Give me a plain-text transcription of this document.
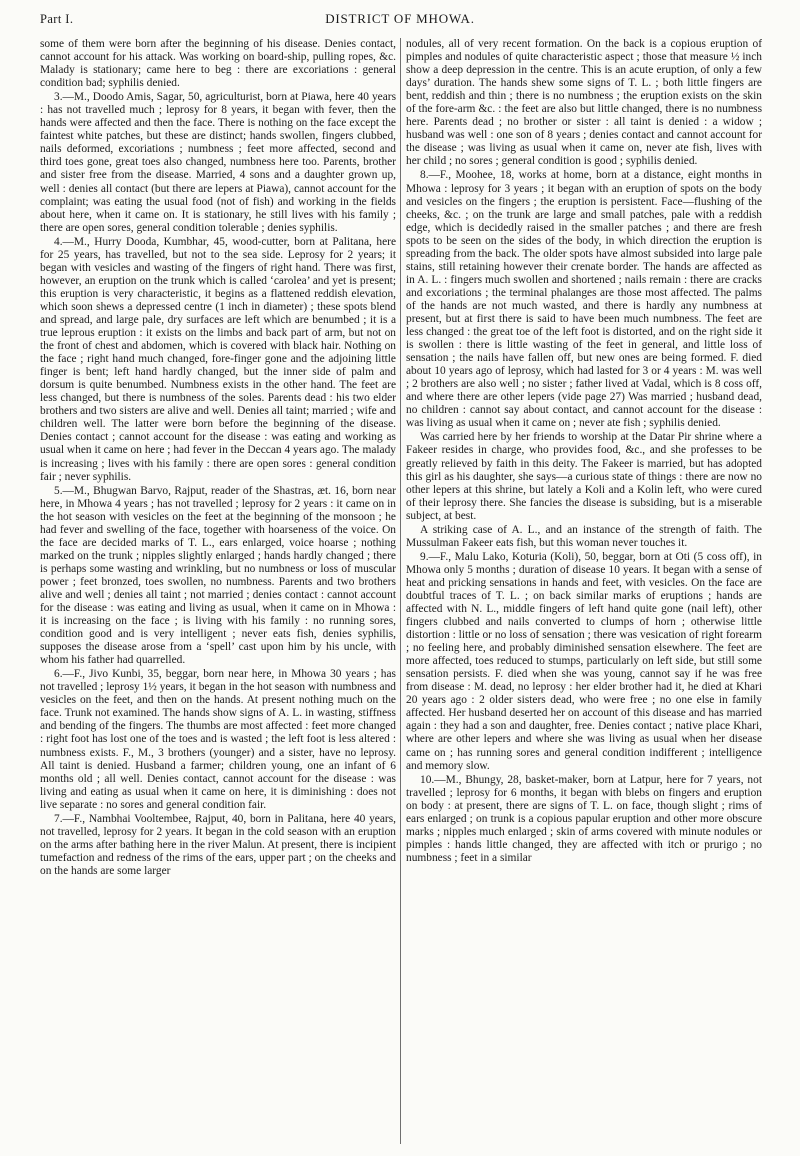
Part I.	DISTRICT OF MHOWA.

some of them were born after the beginning of his disease. Denies contact, cannot account for his attack. Was working on board-ship, pulling ropes, &c. Malady is stationary; came here to beg : there are excoriations : general condition bad; syphilis denied.

3.—M., Doodo Amis, Sagar, 50, agriculturist, born at Piawa, here 40 years : has not travelled much ; leprosy for 8 years, it began with fever, then the hands were affected and then the face. There is nothing on the face except the faintest white patches, but these are distinct; hands swollen, fingers clubbed, nails deformed, excoriations ; numbness ; feet more affected, second and third toes gone, great toes also changed, numbness here too. Parents, brother and sister free from the disease. Married, 4 sons and a daughter grown up, well : denies all contact (but there are lepers at Piawa), cannot account for the complaint; was eating the usual food (not of fish) and working in the fields about here, when it came on. It is stationary, he still lives with his family ; there are open sores, general condition tolerable ; denies syphilis.

4.—M., Hurry Dooda, Kumbhar, 45, wood-cutter, born at Palitana, here for 25 years, has travelled, but not to the sea side. Leprosy for 2 years; it began with vesicles and wasting of the fingers of right hand. There was first, however, an eruption on the trunk which is called ‘carolea’ and yet is present; this eruption is very characteristic, it begins as a flattened reddish elevation, which soon shews a depressed centre (1 inch in diameter) ; these spots blend and spread, and large pale, dry surfaces are left which are benumbed ; it is a true leprous eruption : it exists on the limbs and back part of arm, but not on the front of chest and abdomen, which is covered with black hair. Nothing on the face ; right hand much changed, fore-finger gone and the adjoining little finger is bent; left hand hardly changed, but the inner side of palm and dorsum is quite benumbed. Numbness exists in the other hand. The feet are less changed, but there is numbness of the soles. Parents dead : his two elder brothers and two sisters are alive and well. Denies all taint; married ; wife and children well. The latter were born before the beginning of the disease. Denies contact ; cannot account for the disease : was eating and working as usual when it came on here ; had fever in the Deccan 4 years ago. The malady is increasing ; lives with his family : there are open sores : general condition fair ; never syphilis.

5.—M., Bhugwan Barvo, Rajput, reader of the Shastras, æt. 16, born near here, in Mhowa 4 years ; has not travelled ; leprosy for 2 years : it came on in the hot season with vesicles on the feet at the beginning of the monsoon ; he had fever and swelling of the face, together with hoarseness of the voice. On the face are decided marks of T. L., ears enlarged, voice hoarse ; nothing marked on the trunk ; nipples slightly enlarged ; hands hardly changed ; there is perhaps some wasting and wrinkling, but no numbness or loss of muscular power ; feet bronzed, toes swollen, no numbness. Parents and two brothers alive and well ; denies all taint ; not married ; denies contact : cannot account for the disease : was eating and living as usual, when it came on in Mhowa : it is increasing on the face ; is living with his family : no running sores, condition good and is very intelligent ; never eats fish, denies syphilis, supposes the disease arose from a ‘spell’ cast upon him by his uncle, with whom his father had quarrelled.

6.—F., Jivo Kunbi, 35, beggar, born near here, in Mhowa 30 years ; has not travelled ; leprosy 1½ years, it began in the hot season with numbness and vesicles on the feet, and then on the hands. At present nothing much on the face. Trunk not examined. The hands show signs of A. L. in wasting, stiffness and bending of the fingers. The thumbs are most affected : feet more changed : right foot has lost one of the toes and is wasted ; the left foot is less altered : numbness exists. F., M., 3 brothers (younger) and a sister, have no leprosy. All taint is denied. Husband a farmer; children young, one an infant of 6 months old ; all well. Denies contact, cannot account for the disease : was living and eating as usual when it came on here, it is diminishing : does not live separate : no sores and general condition fair.

7.—F., Nambhai Vooltembee, Rajput, 40, born in Palitana, here 40 years, not travelled, leprosy for 2 years. It began in the cold season with an eruption on the arms after bathing here in the river Malun. At present, there is incipient tumefaction and redness of the rims of the ears, upper part ; on the cheeks and on the hands are some larger

nodules, all of very recent formation. On the back is a copious eruption of pimples and nodules of quite characteristic aspect ; those that measure ½ inch show a deep depression in the centre. This is an acute eruption, of only a few days’ duration. The hands shew some signs of T. L. ; both little fingers are bent, reddish and thin ; there is no numbness ; the eruption exists on the skin of the fore-arm &c. : the feet are also but little changed, there is no numbness here. Parents dead ; no brother or sister : all taint is denied : a widow ; husband was well : one son of 8 years ; denies contact and cannot account for the disease ; was living as usual when it came on, never ate fish, lives with her child ; no sores ; general condition is good ; syphilis denied.

8.—F., Moohee, 18, works at home, born at a distance, eight months in Mhowa : leprosy for 3 years ; it began with an eruption of spots on the body and vesicles on the fingers ; the eruption is persistent. Face—flushing of the cheeks, &c. ; on the trunk are large and small patches, pale with a reddish edge, which is decidedly raised in the smaller patches ; and there are fresh spots to be seen on the sides of the body, in which direction the eruption is spreading from the back. The older spots have almost subsided into large pale stains, still retaining however their crenate border. The hands are affected as in A. L. : fingers much swollen and shortened ; nails remain : there are cracks and excoriations ; the terminal phalanges are those most affected. The palms of the hands are not much wasted, and there is hardly any numbness at present, but at first there is said to have been much numbness. The feet are less changed : the great toe of the left foot is distorted, and on the right side it is swollen : there is little wasting of the feet in general, and little loss of sensation ; the nails have fallen off, but new ones are being formed. F. died about 10 years ago of leprosy, which had lasted for 3 or 4 years : M. was well ; 2 brothers are also well ; no sister ; father lived at Vadal, which is 8 coss off, and where there are other lepers (vide page 27) Was married ; husband dead, no children : cannot say about contact, and cannot account for the disease : was living as usual when it came on ; never ate fish ; syphilis denied.

Was carried here by her friends to worship at the Datar Pir shrine where a Fakeer resides in charge, who provides food, &c., and she professes to be greatly relieved by faith in this deity. The Fakeer is married, but has adopted this girl as his daughter, she says—a curious state of things : there are now no other lepers at this shrine, but lately a Koli and a Kolin left, who were cured of their leprosy there. She fancies the disease is subsiding, but is a miserable subject, at best.

A striking case of A. L., and an instance of the strength of faith. The Mussulman Fakeer eats fish, but this woman never touches it.

9.—F., Malu Lako, Koturia (Koli), 50, beggar, born at Oti (5 coss off), in Mhowa only 5 months ; duration of disease 10 years. It began with a sense of heat and pricking sensations in hands and feet, with vesicles. On the face are doubtful traces of T. L. ; on back similar marks of eruptions ; hands are affected with N. L., middle fingers of left hand quite gone (nail left), other fingers clubbed and nails converted to clumps of horn ; otherwise little distortion : little or no loss of sensation ; there was vesication of right forearm ; no feeling here, and probably diminished sensation elsewhere. The feet are more affected, toes reduced to stumps, particularly on left side, but still some sensation persists. F. died when she was young, cannot say if he was free from disease : M. dead, no leprosy : her elder brother had it, he died at Khari 20 years ago : 2 older sisters dead, who were free ; no one else in family affected. Her husband deserted her on account of this disease and has married again : they had a son and daughter, free. Denies contact ; native place Khari, where are other lepers and where she was living as usual when her disease came on ; has running sores and general condition indifferent ; intelligence and memory slow.

10.—M., Bhungy, 28, basket-maker, born at Latpur, here for 7 years, not travelled ; leprosy for 6 months, it began with blebs on fingers and eruption on body : at present, there are signs of T. L. on face, though slight ; rims of ears enlarged ; on trunk is a copious papular eruption and other more obscure marks ; nipples much enlarged ; skin of arms covered with minute nodules or pimples : hands little changed, they are affected with itch or prurigo ; no numbness ; feet in a similar
